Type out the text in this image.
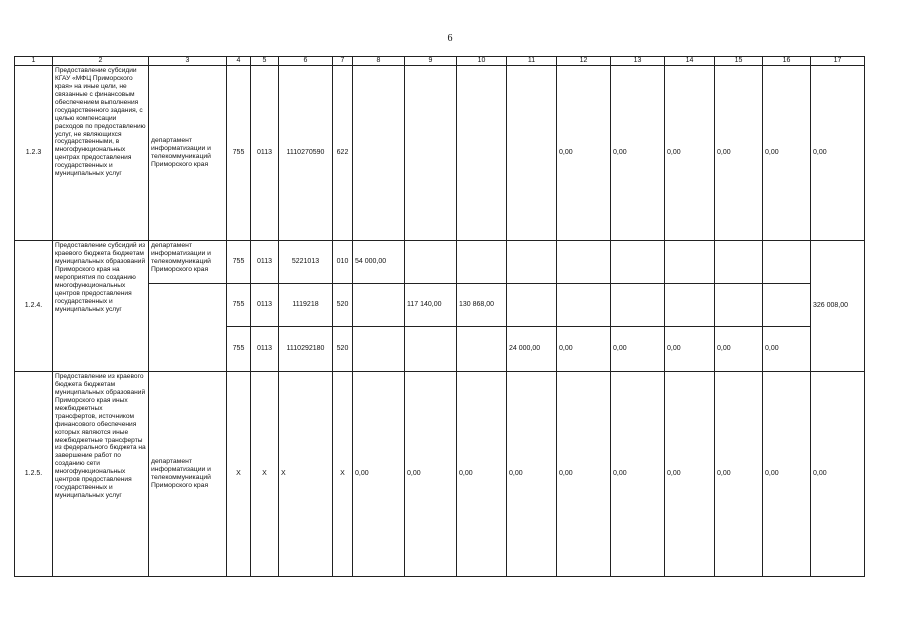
6
1	2	3	4	5	6	7	8	9	10	11	12	13	14	15	16	17
1.2.3	Предоставление субсидии КГАУ «МФЦ Приморского края» на иные цели, не связанные с финансовым обеспечением выполнения государственного задания, с целью компенсации расходов по предоставлению услуг, не являющихся государственными, в многофункциональных центрах предоставления государственных и муниципальных услуг	департамент информатизации и телекоммуникаций Приморского края	755	0113	1110270590	622					0,00	0,00	0,00	0,00	0,00	0,00
1.2.4.	Предоставление субсидий из краевого бюджета бюджетам муниципальных образований Приморского края на мероприятия по созданию многофункциональных центров предоставления государственных и муниципальных услуг	департамент информатизации и телекоммуникаций Приморского края	755	0113	5221013	010	54 000,00									326 008,00
			755	0113	1119218	520		117 140,00	130 868,00							
			755	0113	1110292180	520				24 000,00	0,00	0,00	0,00	0,00	0,00	
1.2.5.	Предоставление из краевого бюджета бюджетам муниципальных образований Приморского края иных межбюджетных трансфертов, источником финансового обеспечения которых являются иные межбюджетные трансферты из федерального бюджета на завершение работ по созданию сети многофункциональных центров предоставления государственных и муниципальных услуг	департамент информатизации и телекоммуникаций Приморского края	X	X	X	X	0,00	0,00	0,00	0,00	0,00	0,00	0,00	0,00	0,00	0,00
